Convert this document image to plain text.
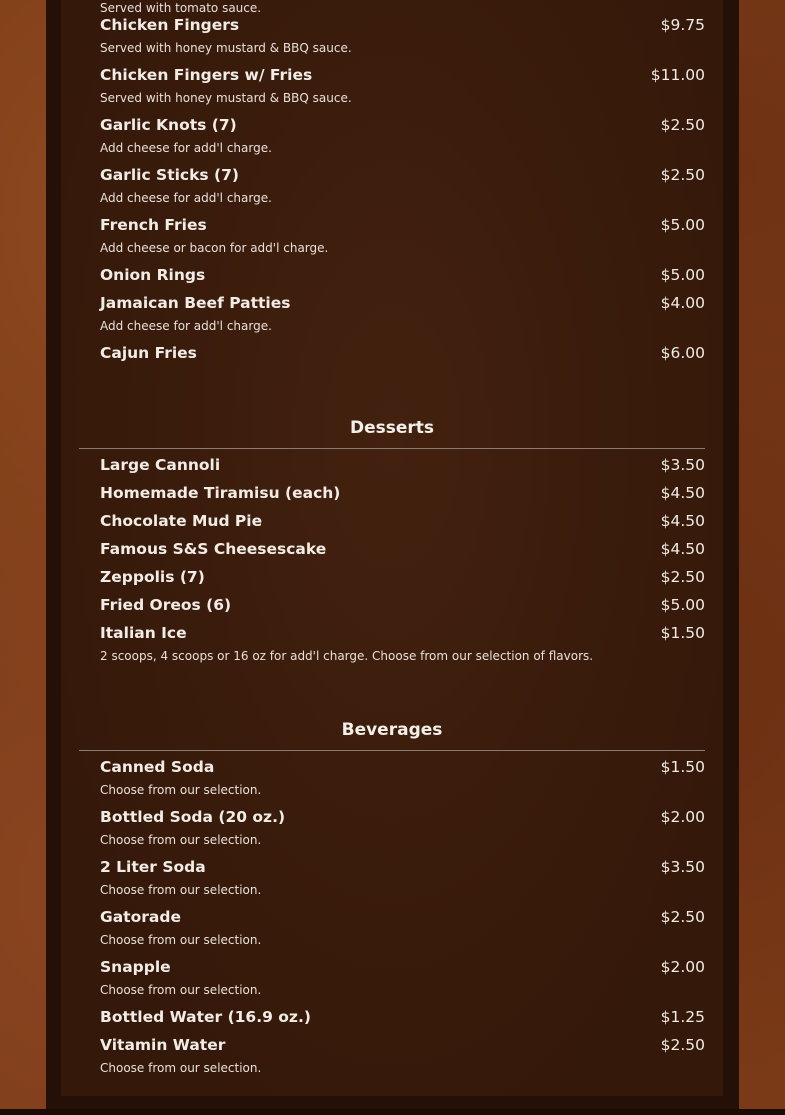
Served with tomato sauce.
Chicken Fingers	$9.75
Served with honey mustard & BBQ sauce.
Chicken Fingers w/ Fries	$11.00
Served with honey mustard & BBQ sauce.
Garlic Knots (7)	$2.50
Add cheese for add'l charge.
Garlic Sticks (7)	$2.50
Add cheese for add'l charge.
French Fries	$5.00
Add cheese or bacon for add'l charge.
Onion Rings	$5.00
Jamaican Beef Patties	$4.00
Add cheese for add'l charge.
Cajun Fries	$6.00
Desserts
Large Cannoli	$3.50
Homemade Tiramisu (each)	$4.50
Chocolate Mud Pie	$4.50
Famous S&S Cheesescake	$4.50
Zeppolis (7)	$2.50
Fried Oreos (6)	$5.00
Italian Ice	$1.50
2 scoops, 4 scoops or 16 oz for add'l charge. Choose from our selection of flavors.
Beverages
Canned Soda	$1.50
Choose from our selection.
Bottled Soda (20 oz.)	$2.00
Choose from our selection.
2 Liter Soda	$3.50
Choose from our selection.
Gatorade	$2.50
Choose from our selection.
Snapple	$2.00
Choose from our selection.
Bottled Water (16.9 oz.)	$1.25
Vitamin Water	$2.50
Choose from our selection.
